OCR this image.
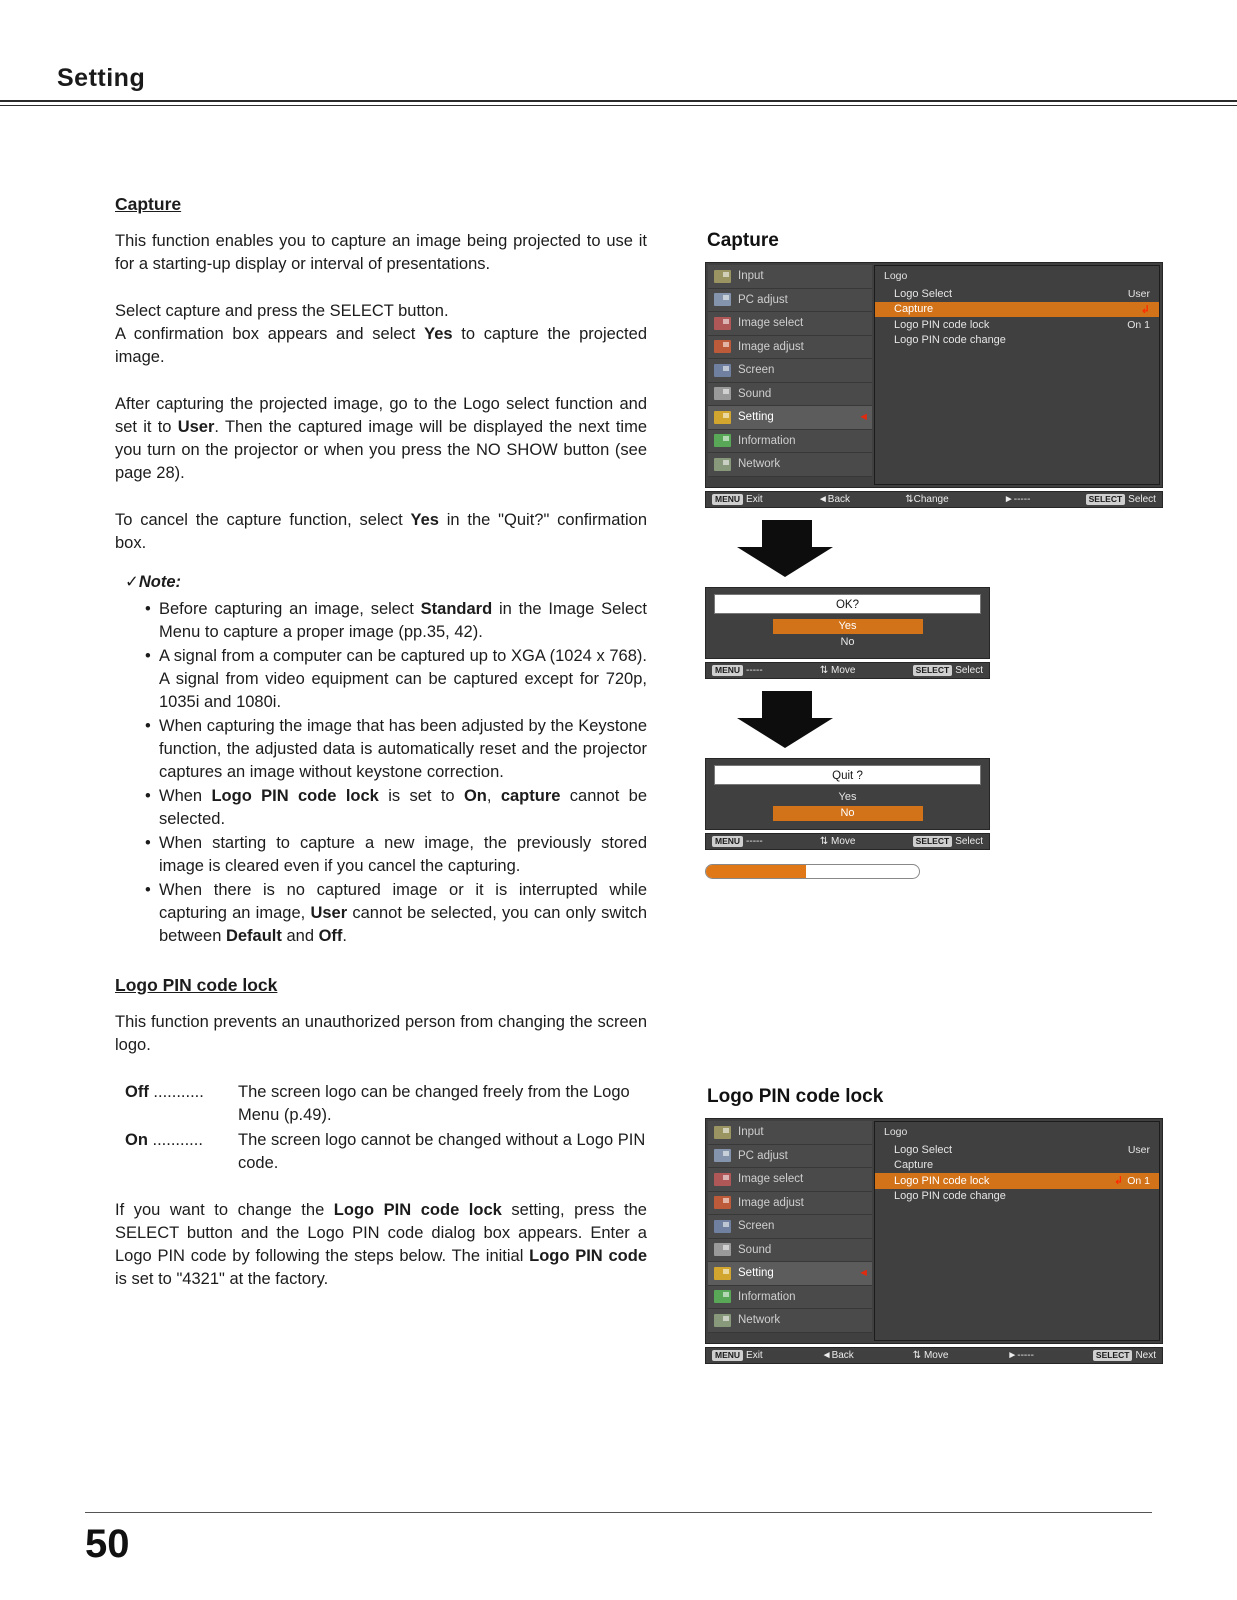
Setting
Capture

This function enables you to capture an image being projected to use it for a starting-up display or interval of presentations.

Select capture and press the SELECT button.
A confirmation box appears and select Yes to capture the projected image.

After capturing the projected image, go to the Logo select function and set it to User. Then the captured image will be displayed the next time you turn on the projector or when you press the NO SHOW button (see page 28).

To cancel the capture function, select Yes in the "Quit?" confirmation box.

✓Note:
• Before capturing an image, select Standard in the Image Select Menu to capture a proper image (pp.35, 42).
• A signal from a computer can be captured up to XGA (1024 x 768). A signal from video equipment can be captured except for 720p, 1035i and 1080i.
• When capturing the image that has been adjusted by the Keystone function, the adjusted data is automatically reset and the projector captures an image without keystone correction.
• When Logo PIN code lock is set to On, capture cannot be selected.
• When starting to capture a new image, the previously stored image is cleared even if you cancel the capturing.
• When there is no captured image or it is interrupted while capturing an image, User cannot be selected, you can only switch between Default and Off.
Logo PIN code lock

This function prevents an unauthorized person from changing the screen logo.

Off ...........	The screen logo can be changed freely from the Logo Menu (p.49).
On ...........	The screen logo cannot be changed without a Logo PIN code.

If you want to change the Logo PIN code lock setting, press the SELECT button and the Logo PIN code dialog box appears. Enter a Logo PIN code by following the steps below. The initial Logo PIN code is set to "4321" at the factory.

Capture
Input
PC adjust
Image select
Image adjust
Screen
Sound
Setting	◄
Information
Network
Logo
Logo Select	User
Capture	↲
Logo PIN code lock	On 1
Logo PIN code change
MENU Exit	◄Back	⇅Change	►-----	SELECT Select
OK?
Yes
No
MENU -----	⇅ Move	SELECT Select
Quit ?
Yes
No
MENU -----	⇅ Move	SELECT Select
Logo PIN code lock
Input
PC adjust
Image select
Image adjust
Screen
Sound
Setting	◄
Information
Network
Logo
Logo Select	User
Capture
Logo PIN code lock	↲ On 1
Logo PIN code change
MENU Exit	◄Back	⇅ Move	►-----	SELECT Next
50
